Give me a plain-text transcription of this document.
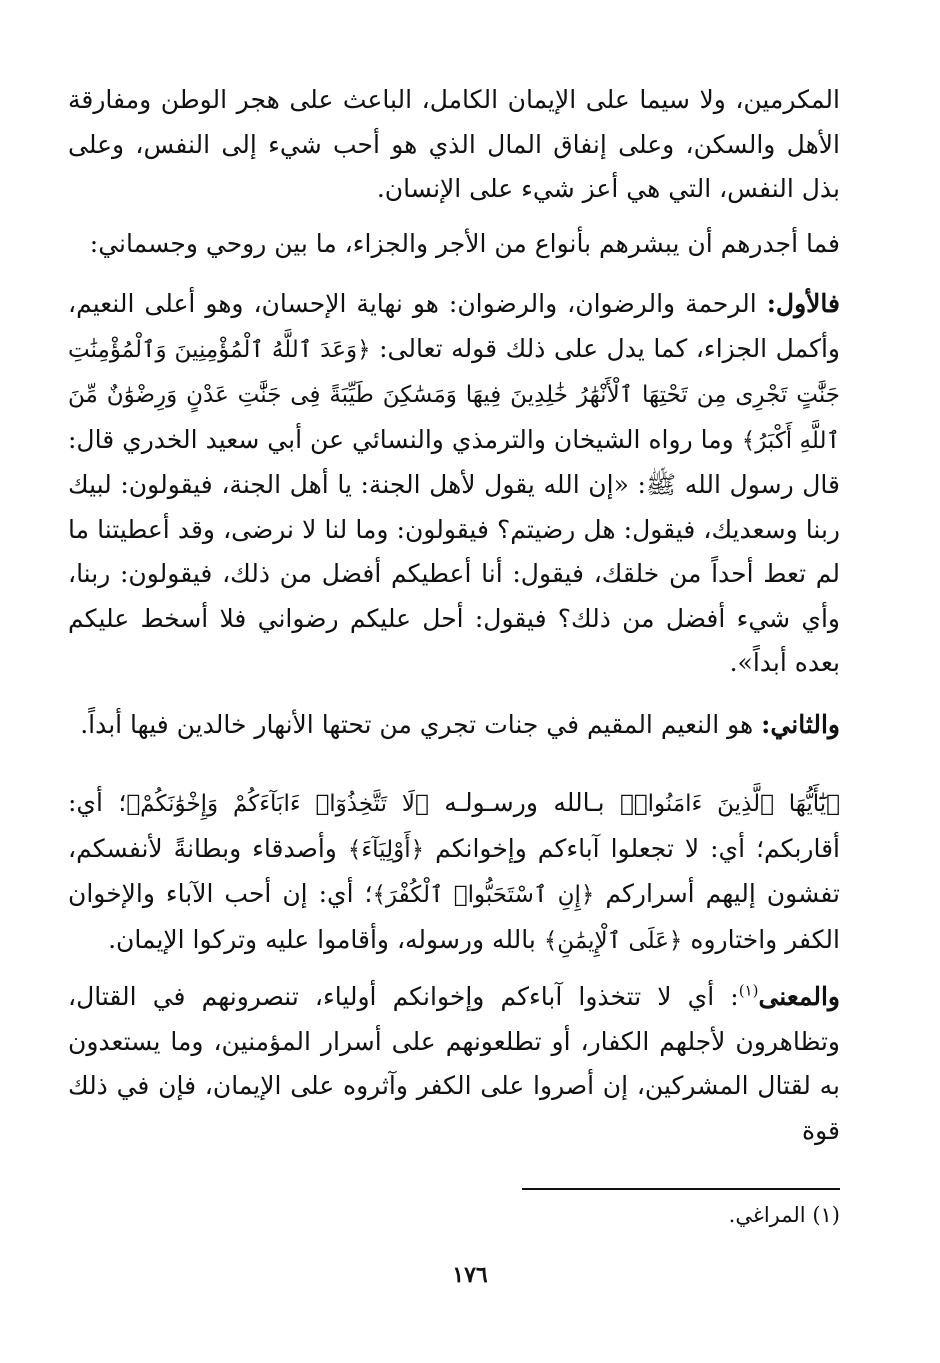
المكرمين، ولا سيما على الإيمان الكامل، الباعث على هجر الوطن ومفارقة الأهل والسكن، وعلى إنفاق المال الذي هو أحب شيء إلى النفس، وعلى بذل النفس، التي هي أعز شيء على الإنسان.

فما أجدرهم أن يبشرهم بأنواع من الأجر والجزاء، ما بين روحي وجسماني:

فالأول: الرحمة والرضوان، والرضوان: هو نهاية الإحسان، وهو أعلى النعيم، وأكمل الجزاء، كما يدل على ذلك قوله تعالى: ﴿وَعَدَ ٱللَّهُ ٱلْمُؤْمِنِينَ وَٱلْمُؤْمِنَٰتِ جَنَّٰتٍ تَجْرِى مِن تَحْتِهَا ٱلْأَنْهَٰرُ خَٰلِدِينَ فِيهَا وَمَسَٰكِنَ طَيِّبَةً فِى جَنَّٰتِ عَدْنٍ وَرِضْوَٰنٌ مِّنَ ٱللَّهِ أَكْبَرُ﴾ وما رواه الشيخان والترمذي والنسائي عن أبي سعيد الخدري قال: قال رسول الله ﷺ: «إن الله يقول لأهل الجنة: يا أهل الجنة، فيقولون: لبيك ربنا وسعديك، فيقول: هل رضيتم؟ فيقولون: وما لنا لا نرضى، وقد أعطيتنا ما لم تعط أحداً من خلقك، فيقول: أنا أعطيكم أفضل من ذلك، فيقولون: ربنا، وأي شيء أفضل من ذلك؟ فيقول: أحل عليكم رضواني فلا أسخط عليكم بعده أبداً».

والثاني: هو النعيم المقيم في جنات تجري من تحتها الأنهار خالدين فيها أبداً.

﴿يَٰٓأَيُّهَا ٱلَّذِينَ ءَامَنُوا۟﴾ بـالله ورسـولـه ﴿لَا تَتَّخِذُوٓا۟ ءَابَآءَكُمْ وَإِخْوَٰنَكُمْ﴾؛ أي: أقاربكم؛ أي: لا تجعلوا آباءكم وإخوانكم ﴿أَوْلِيَآءَ﴾ وأصدقاء وبطانةً لأنفسكم، تفشون إليهم أسراركم ﴿إِنِ ٱسْتَحَبُّوا۟ ٱلْكُفْرَ﴾؛ أي: إن أحب الآباء والإخوان الكفر واختاروه ﴿عَلَى ٱلْإِيمَٰنِ﴾ بالله ورسوله، وأقاموا عليه وتركوا الإيمان.

والمعنى$^{(١)}$: أي لا تتخذوا آباءكم وإخوانكم أولياء، تنصرونهم في القتال، وتظاهرون لأجلهم الكفار، أو تطلعونهم على أسرار المؤمنين، وما يستعدون به لقتال المشركين، إن أصروا على الكفر وآثروه على الإيمان، فإن في ذلك قوة

(١) المراغي.
١٧٦
